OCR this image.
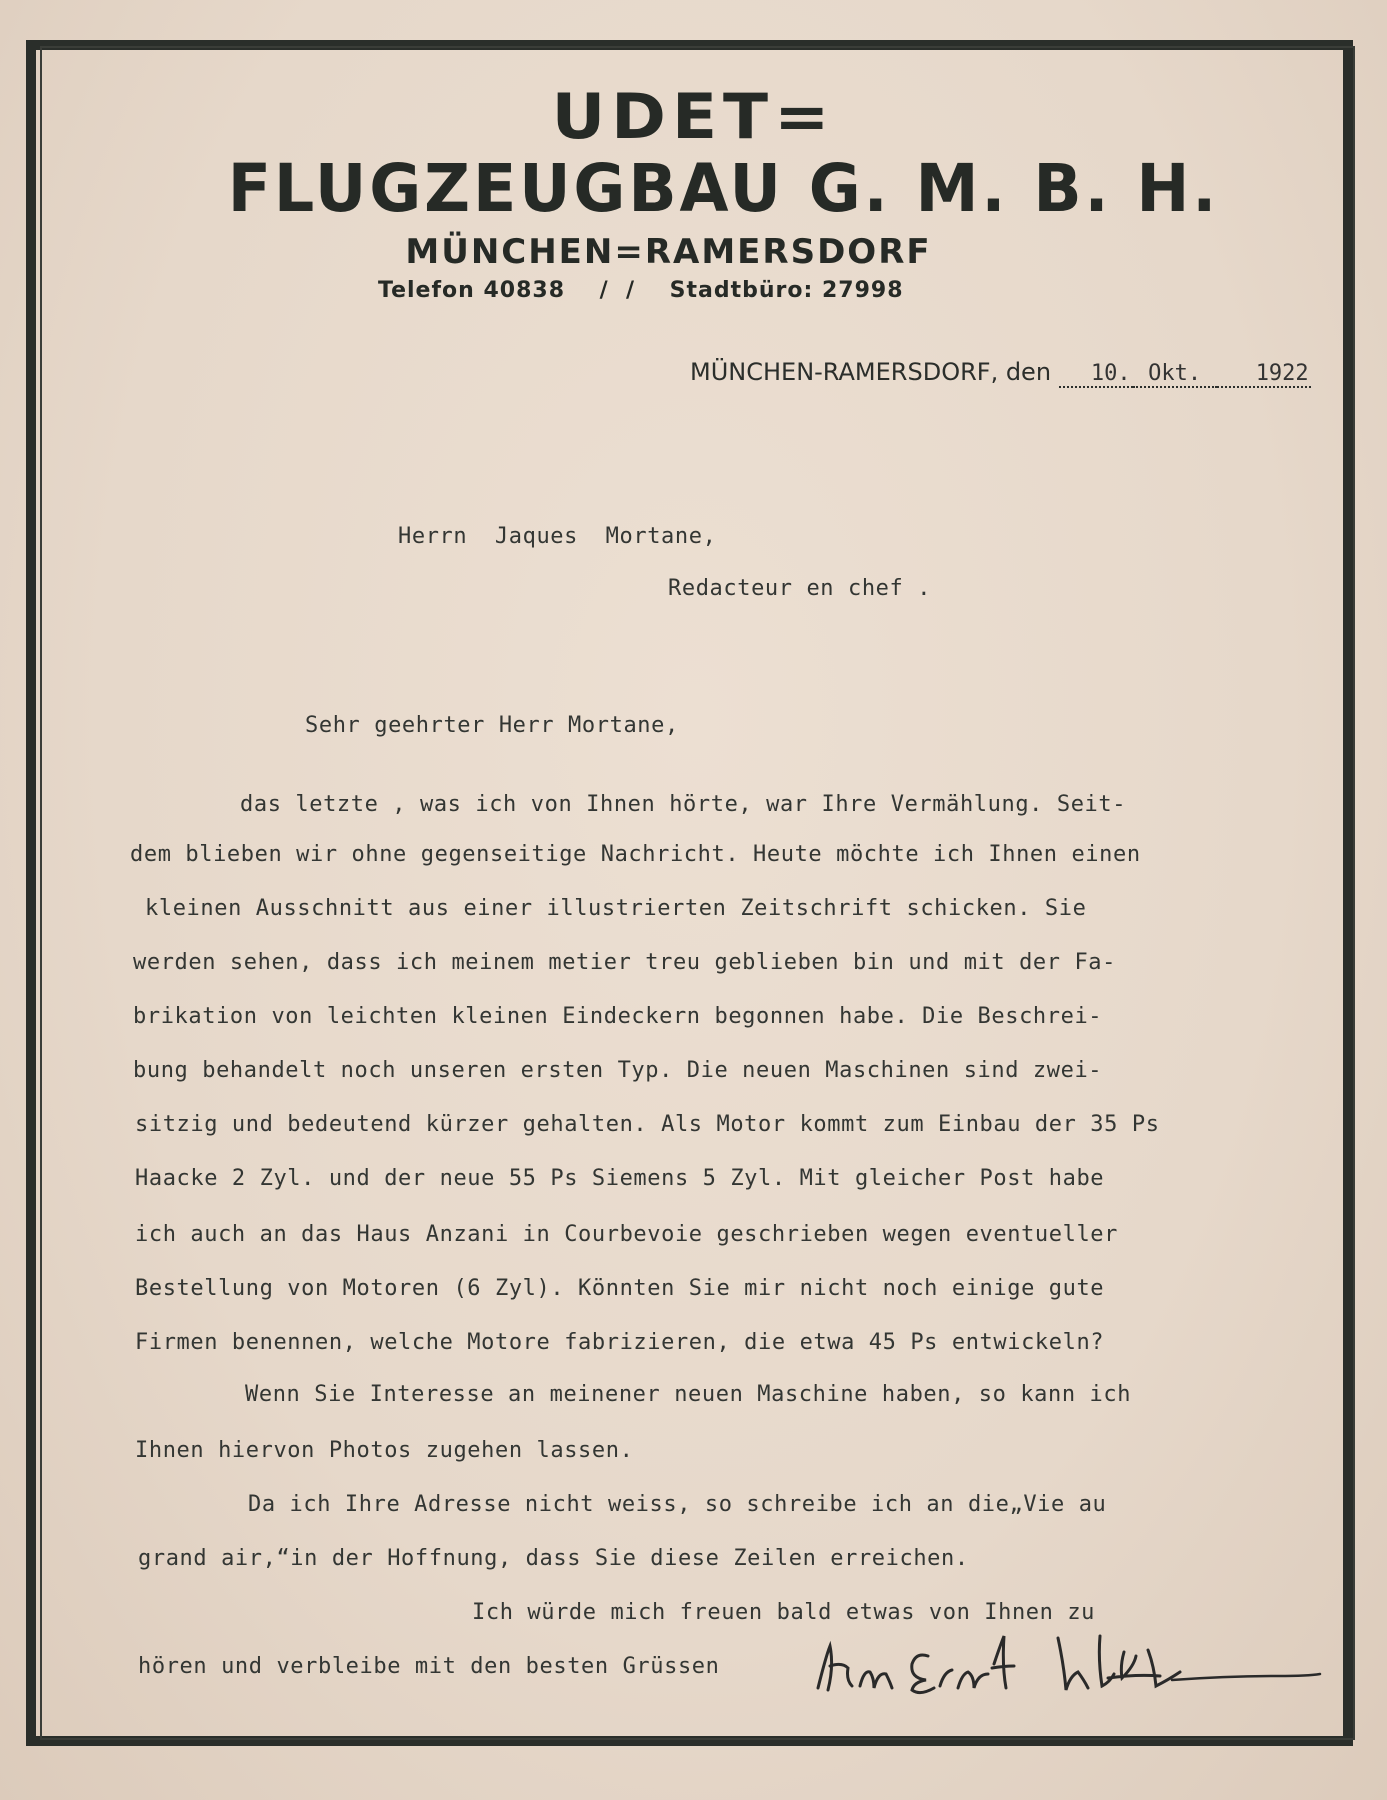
UDET=
FLUGZEUGBAU G. M. B. H.
MÜNCHEN=RAMERSDORF
Telefon 40838    /  /    Stadtbüro: 27998
MÜNCHEN-RAMERSDORF, den 10. Okt. 1922
Herrn  Jaques  Mortane,
Redacteur en chef .
Sehr geehrter Herr Mortane,
das letzte , was ich von Ihnen hörte, war Ihre Vermählung. Seit-
dem blieben wir ohne gegenseitige Nachricht. Heute möchte ich Ihnen einen
kleinen Ausschnitt aus einer illustrierten Zeitschrift schicken. Sie
werden sehen, dass ich meinem metier treu geblieben bin und mit der Fa-
brikation von leichten kleinen Eindeckern begonnen habe. Die Beschrei-
bung behandelt noch unseren ersten Typ. Die neuen Maschinen sind zwei-
sitzig und bedeutend kürzer gehalten. Als Motor kommt zum Einbau der 35 Ps
Haacke 2 Zyl. und der neue 55 Ps Siemens 5 Zyl. Mit gleicher Post habe
ich auch an das Haus Anzani in Courbevoie geschrieben wegen eventueller
Bestellung von Motoren (6 Zyl). Könnten Sie mir nicht noch einige gute
Firmen benennen, welche Motore fabrizieren, die etwa 45 Ps entwickeln?
Wenn Sie Interesse an meinener neuen Maschine haben, so kann ich
Ihnen hiervon Photos zugehen lassen.
Da ich Ihre Adresse nicht weiss, so schreibe ich an die„Vie au
grand air,“in der Hoffnung, dass Sie diese Zeilen erreichen.
Ich würde mich freuen bald etwas von Ihnen zu
hören und verbleibe mit den besten Grüssen
